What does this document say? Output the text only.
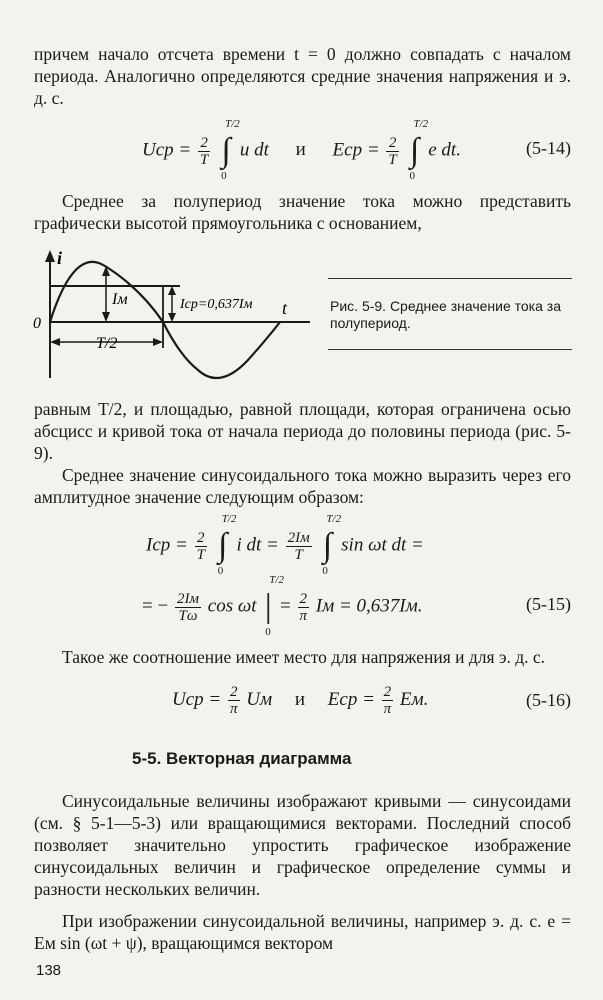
причем начало отсчета времени t = 0 должно совпадать с началом периода. Аналогично определяются средние значения напряжения и э. д. с.

Uср = $\frac{2}{T}$ ∫
T/2
0
u dt и Eср = $\frac{2}{T}$ ∫
T/2
0
e dt.	(5-14)

Среднее за полупериод значение тока можно представить графически высотой прямоугольника с основанием,

i
Iм	Iср=0,637Iм t
0
T/2
Рис. 5-9. Среднее значение тока за полупериод.

равным T/2, и площадью, равной площади, которая ограничена осью абсцисс и кривой тока от начала периода до половины периода (рис. 5-9).

Среднее значение синусоидального тока можно выразить через его амплитудное значение следующим образом:

Iср = $\frac{2}{T}$ ∫
T/2
0
i dt = $\frac{2Iм}{T}$ ∫
T/2
0
sin ωt dt =
= − $\frac{2Iм}{T\omega}$ cos ωt |
T/2
0
= $\frac{2}{\pi}$ Iм = 0,637Iм.	(5-15)

Такое же соотношение имеет место для напряжения и для э. д. с.

Uср = $\frac{2}{\pi}$ Uм и Eср = $\frac{2}{\pi}$ Eм.	(5-16)
5-5. Векторная диаграмма

Синусоидальные величины изображают кривыми — синусоидами (см. § 5-1—5-3) или вращающимися векторами. Последний способ позволяет значительно упростить графическое изображение синусоидальных величин и графическое определение суммы и разности нескольких величин.

При изображении синусоидальной величины, например э. д. с. e = Eм sin (ωt + ψ), вращающимся вектором

138
